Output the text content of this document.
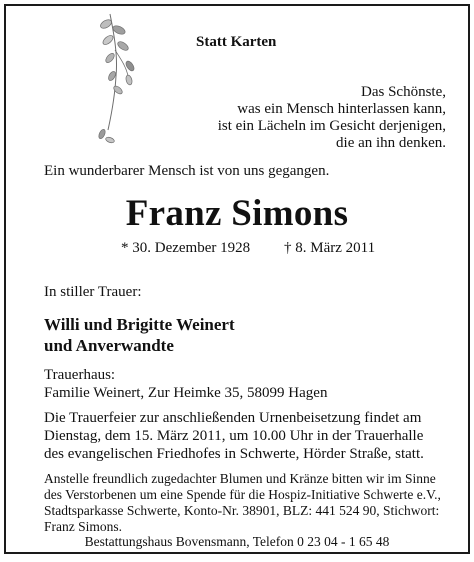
Statt Karten
Das Schönste,
was ein Mensch hinterlassen kann,
ist ein Lächeln im Gesicht derjenigen,
die an ihn denken.
Ein wunderbarer Mensch ist von uns gegangen.
Franz Simons
* 30. Dezember 1928 † 8. März 2011
In stiller Trauer:
Willi und Brigitte Weinert
und Anverwandte
Trauerhaus:
Familie Weinert, Zur Heimke 35, 58099 Hagen
Die Trauerfeier zur anschließenden Urnenbeisetzung findet am
Dienstag, dem 15. März 2011, um 10.00 Uhr in der Trauerhalle
des evangelischen Friedhofes in Schwerte, Hörder Straße, statt.
Anstelle freundlich zugedachter Blumen und Kränze bitten wir im Sinne
des Verstorbenen um eine Spende für die Hospiz-Initiative Schwerte e.V.,
Stadtsparkasse Schwerte, Konto-Nr. 38901, BLZ: 441 524 90, Stichwort:
Franz Simons.
Bestattungshaus Bovensmann, Telefon 0 23 04 - 1 65 48
